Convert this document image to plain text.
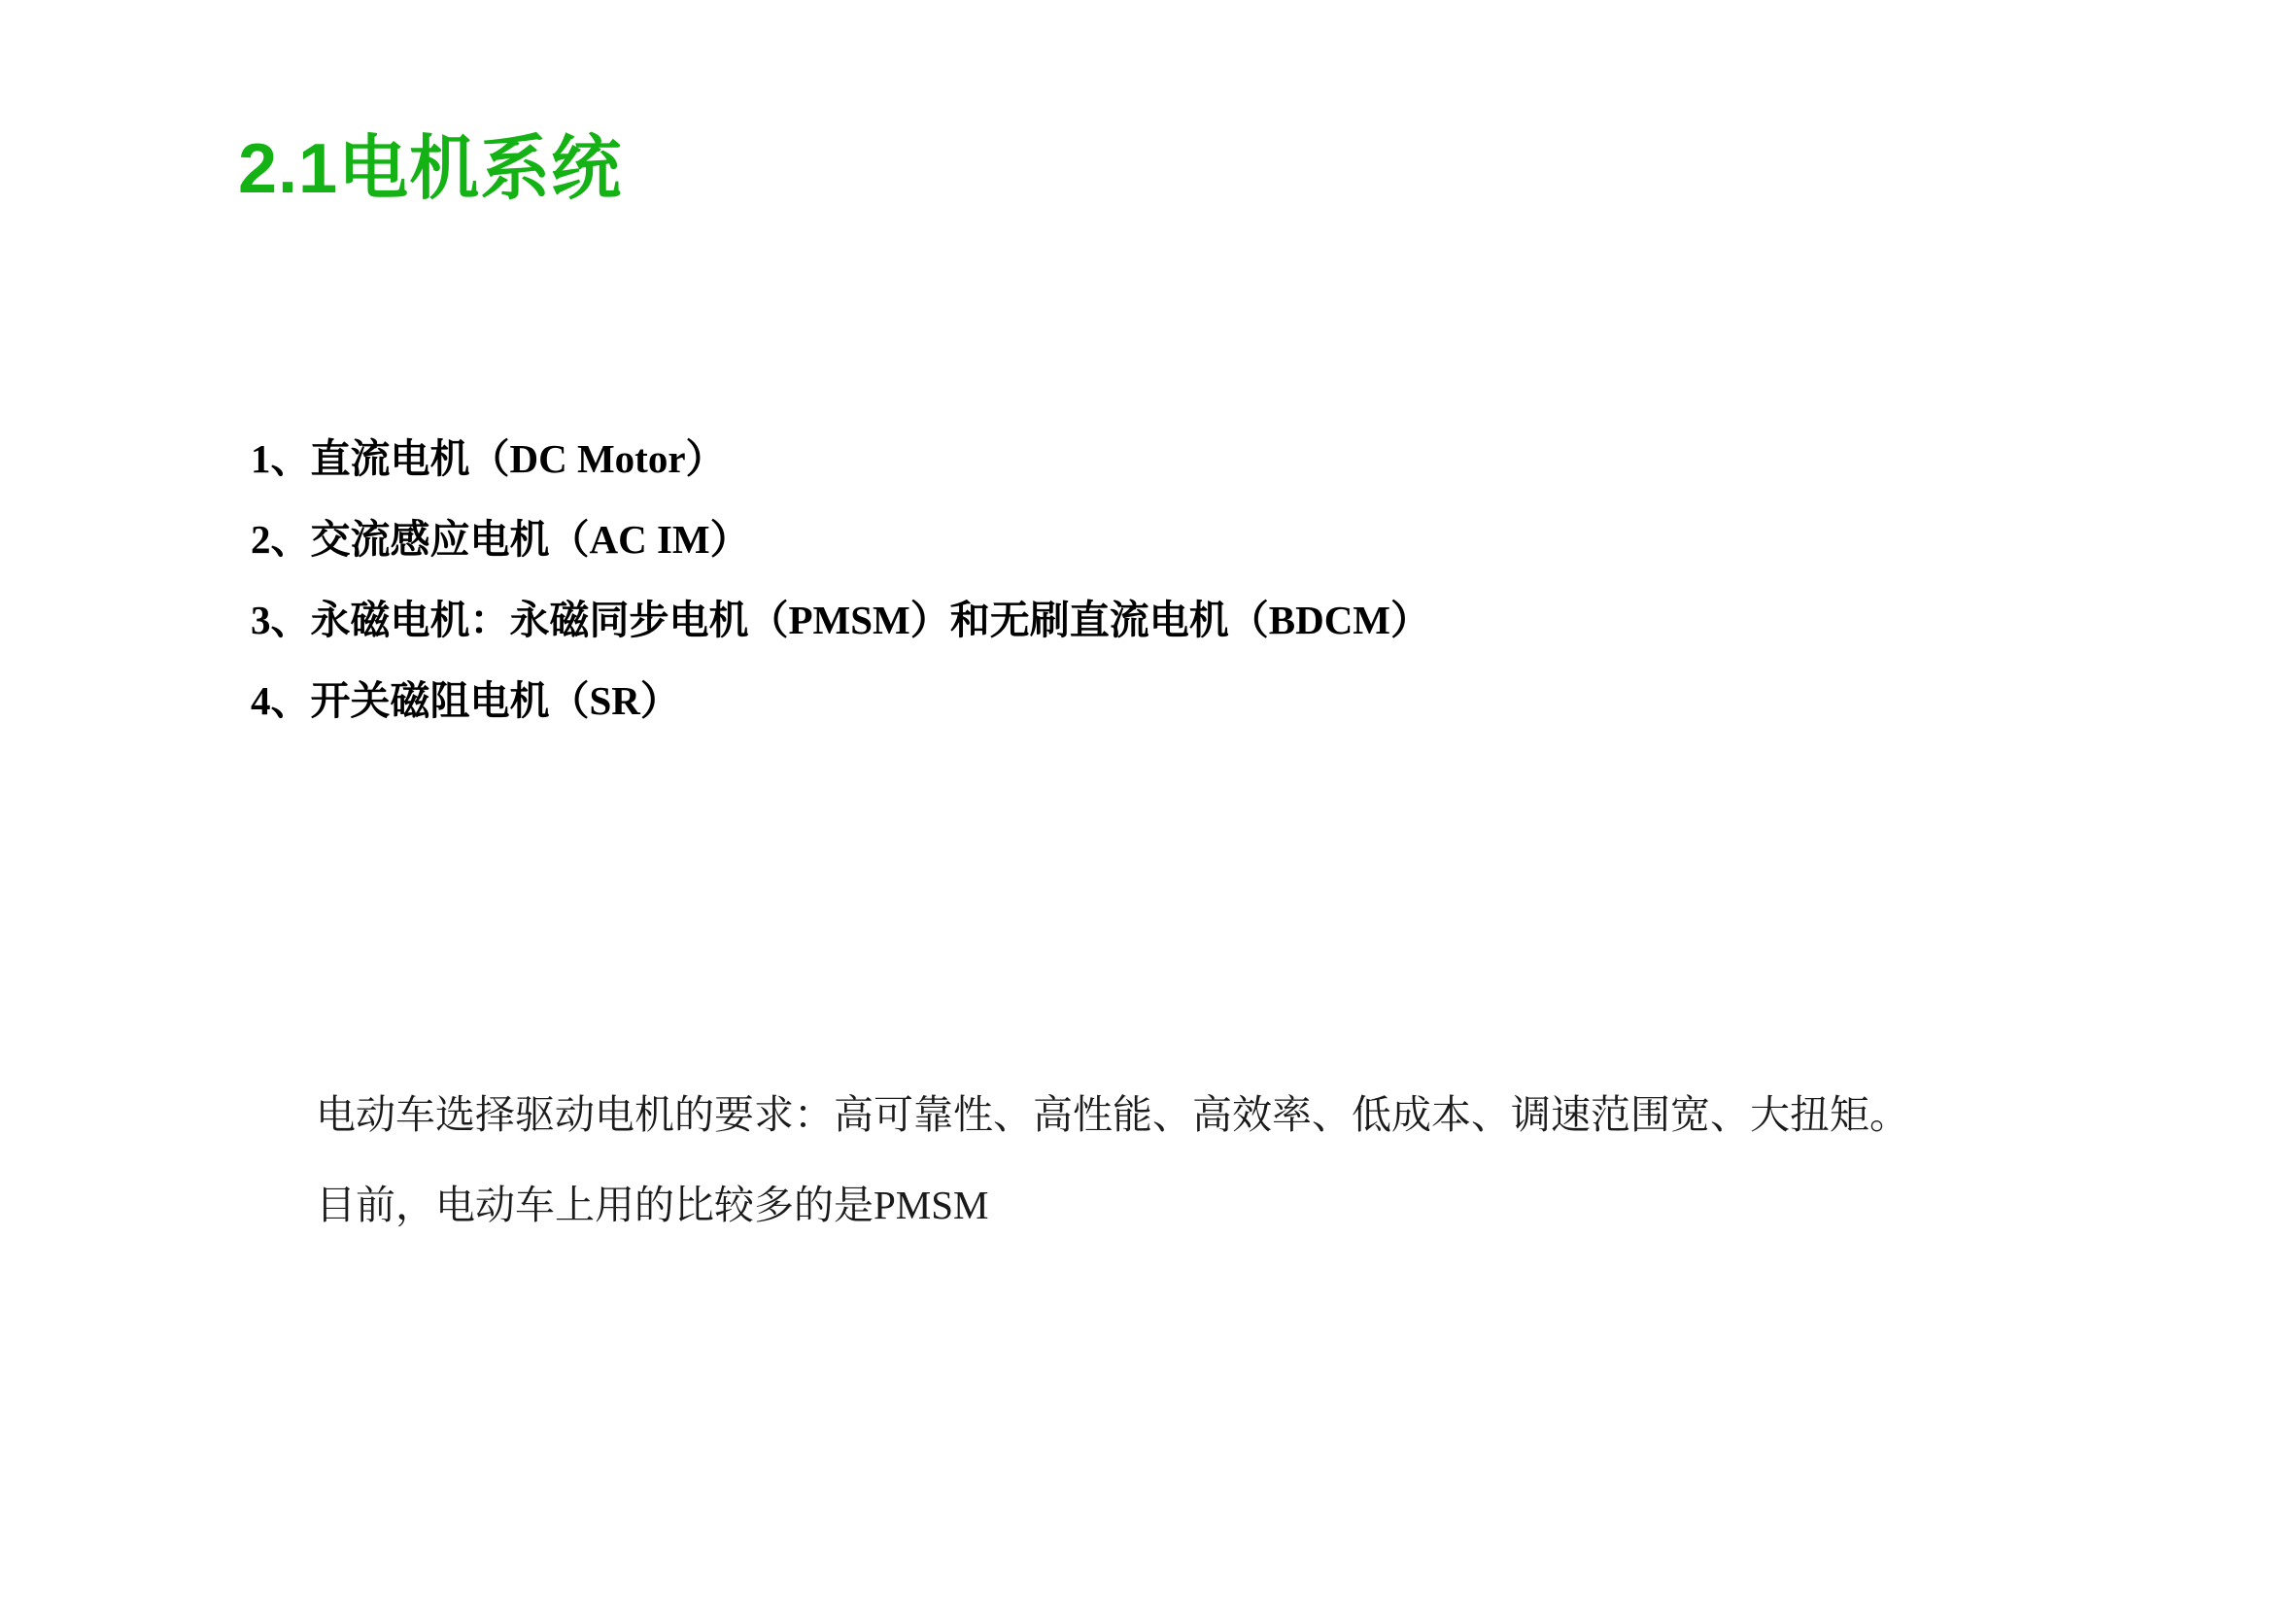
2.1电机系统
1、直流电机（DC Motor）
2、交流感应电机（AC IM）
3、永磁电机：永磁同步电机（PMSM）和无刷直流电机（BDCM）
4、开关磁阻电机（SR）
电动车选择驱动电机的要求：高可靠性、高性能、高效率、低成本、调速范围宽、大扭矩。
目前，电动车上用的比较多的是PMSM
